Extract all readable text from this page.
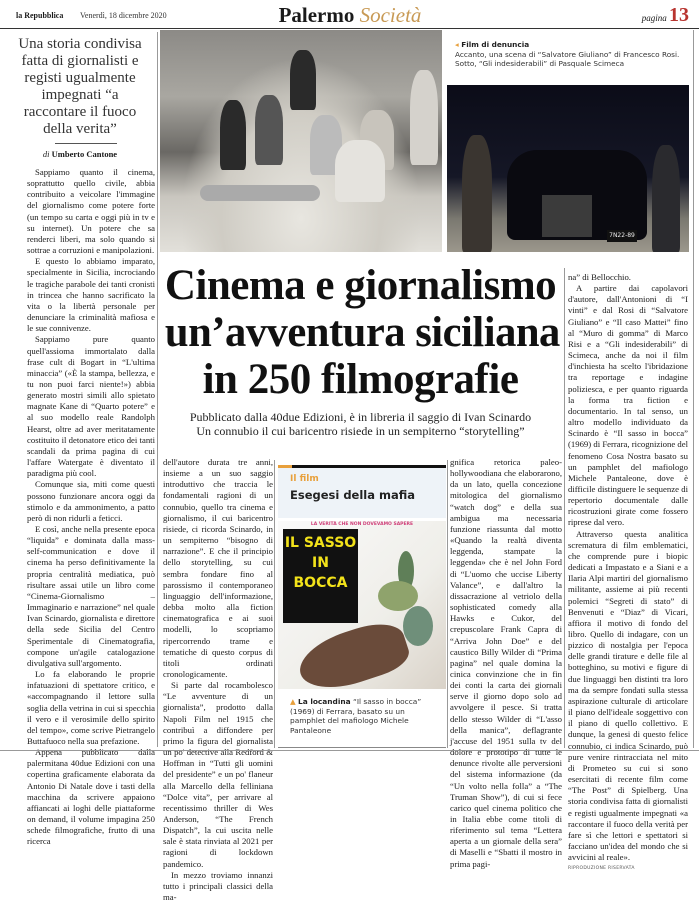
la Repubblica Venerdì, 18 dicembre 2020	Palermo Società	pagina 13
Una storia condivisa fatta di giornalisti e registi ugualmente impegnati “a raccontare il fuoco della verita”
di Umberto Cantone

Sappiamo quanto il cinema, soprattutto quello civile, abbia contribuito a veicolare l'immagine del giornalismo come potere forte (un tempo su carta e oggi più in tv e su internet). Un potere che sa renderci liberi, ma solo quando si sottrae a corruzioni e manipolazioni.

E questo lo abbiamo imparato, specialmente in Sicilia, incrociando le tragiche parabole dei tanti cronisti in trincea che hanno sacrificato la vita o la libertà personale per denunciare la criminalità mafiosa e le sue connivenze.

Sappiamo pure quanto quell'assioma immortalato dalla frase cult di Bogart in “L'ultima minaccia” («È la stampa, bellezza, e tu non puoi farci niente!») abbia generato mostri simili allo spietato magnate Kane di “Quarto potere” e al suo modello reale Randolph Hearst, oltre ad aver meritatamente costituito il detonatore etico dei tanti scandali da prima pagina di cui l'affare Watergate è diventato il paradigma più cool.

Comunque sia, miti come questi possono funzionare ancora oggi da stimolo e da ammonimento, a patto però di non ridurli a feticci.

E così, anche nella presente epoca “liquida” e dominata dalla mass-self-communication e dove il cinema ha perso definitivamente la propria centralità mediatica, può risultare assai utile un libro come “Cinema-Giornalismo – Immaginario e narrazione” nel quale Ivan Scinardo, giornalista e direttore della sede Sicilia del Centro Sperimentale di Cinematografia, compone un'agile catalogazione divulgativa sull'argomento.

Lo fa elaborando le proprie infatuazioni di spettatore critico, e «accompagnando il lettore sulla soglia della vetrina in cui si specchia il vero e il verosimile dello spirito del tempo», come scrive Pietrangelo Buttafuoco nella sua prefazione.

Appena pubblicato dalla palermitana 40due Edizioni con una copertina graficamente elaborata da Antonio Di Natale dove i tasti della macchina da scrivere appaiono affiancati ai loghi delle piattaforme on demand, il volume impagina 250 schede filmografiche, frutto di una ricerca

◂ Film di denuncia
Accanto, una scena di “Salvatore Giuliano” di Francesco Rosi. Sotto, “Gli indesiderabili” di Pasquale Scimeca
7N22-89
Cinema e giornalismo
un’avventura siciliana
in 250 filmografie
Pubblicato dalla 40due Edizioni, è in libreria il saggio di Ivan Scinardo
Un connubio il cui baricentro risiede in un sempiterno “storytelling”

dell'autore durata tre anni, insieme a un suo saggio introduttivo che traccia le fondamentali ragioni di un connubio, quello tra cinema e giornalismo, il cui baricentro risiede, ci ricorda Scinardo, in un sempiterno “bisogno di narrazione”. E che il principio dello storytelling, su cui sembra fondare fino al parossismo il contemporaneo linguaggio dell'informazione, debba molto alla fiction cinematografica e ai suoi modelli, lo scopriamo ripercorrendo trame e tematiche di questo corpus di titoli ordinati cronologicamente.

Si parte dal rocambolesco “Le avventure di un giornalista”, prodotto dalla Napoli Film nel 1915 che contribuì a diffondere per primo la figura del giornalista un po' detective alla Redford & Hoffman in “Tutti gli uomini del presidente” e un po' flaneur alla Marcello della felliniana “Dolce vita”, per arrivare al recentissimo thriller di Wes Anderson, “The French Dispatch”, la cui uscita nelle sale è stata rinviata al 2021 per ragioni di lockdown pandemico.

In mezzo troviamo innanzi tutto i principali classici della ma-

Il film
Esegesi della mafia
LA VERITÀ CHE NON DOVEVAMO SAPERE
IL SASSO IN BOCCA
▲ La locandina “Il sasso in bocca” (1969) di Ferrara, basato su un pamphlet del mafiologo Michele Pantaleone

gnifica retorica paleo-hollywoodiana che elaborarono, da un lato, quella concezione mitologica del giornalismo “watch dog” e della sua ambigua ma necessaria funzione riassunta dal motto «Quando la realtà diventa leggenda, stampate la leggenda» che è nel John Ford di “L'uomo che uccise Liberty Valance”, e dall'altro la dissacrazione al vetriolo della sophisticated comedy alla Hawks e Cukor, del crepuscolare Frank Capra di “Arriva John Doe” e del caustico Billy Wilder di “Prima pagina” nel quale domina la cinica convinzione che in fin dei conti la carta dei giornali serve il giorno dopo solo ad avvolgere il pesce. Si tratta dello stesso Wilder di “L'asso della manica”, deflagrante j'accuse del 1951 sulla tv del dolore e prototipo di tutte le denunce rivolte alle perversioni del sistema informazione (da “Un volto nella folla” a “The Truman Show”), di cui si fece carico quel cinema politico che in Italia ebbe come titoli di riferimento sul tema “Lettera aperta a un giornale della sera” di Maselli e “Sbatti il mostro in prima pagi-

na” di Bellocchio.

A partire dai capolavori d'autore, dall'Antonioni di “I vinti” e dal Rosi di “Salvatore Giuliano” e “Il caso Mattei” fino al “Muro di gomma” di Marco Risi e a “Gli indesiderabili” di Scimeca, anche da noi il film d'inchiesta ha scelto l'ibridazione tra reportage e indagine poliziesca, e per quanto riguarda la forma tra fiction e documentario. In tal senso, un altro modello individuato da Scinardo è “Il sasso in bocca” (1969) di Ferrara, ricognizione del fenomeno Cosa Nostra basato su un pamphlet del mafiologo Michele Pantaleone, dove è difficile distinguere le sequenze di repertorio documentale dalle ricostruzioni girate come fossero riprese dal vero.

Attraverso questa analitica scrematura di film emblematici, che comprende pure i biopic dedicati a Impastato e a Siani e a Ilaria Alpi martiri del giornalismo militante, assieme ai più recenti polemici “Segreti di stato” di Benvenuti e “Diaz” di Vicari, affiora il motivo di fondo del libro. Quello di indagare, con un pizzico di nostalgia per l'epoca delle grandi tirature e delle file al botteghino, su motivi e figure di due linguaggi ben distinti tra loro ma da sempre fondati sulla stessa aspirazione culturale di articolare il piano dell'ideale soggettivo con il piano di quello collettivo. E dunque, la genesi di questo felice connubio, ci indica Scinardo, può pure venire rintracciata nel mito di Prometeo su cui si sono esercitati di recente film come “The Post” di Spielberg. Una storia condivisa fatta di giornalisti e registi ugualmente impegnati «a raccontare il fuoco della verità per fare sì che lettori e spettatori si facciano un'idea del mondo che si avvicini al reale».

RIPRODUZIONE RISERVATA
